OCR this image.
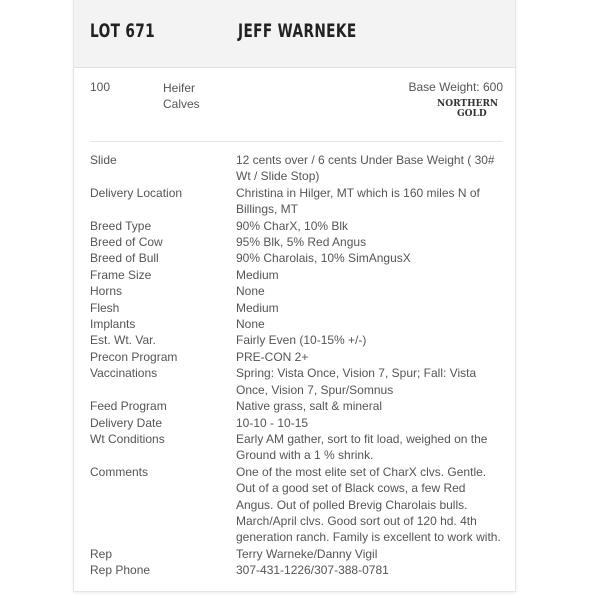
LOT 671	JEFF WARNEKE
100	Heifer
Calves
Base Weight: 600
NORTHERN
GOLD
Slide	12 cents over / 6 cents Under Base Weight ( 30# Wt / Slide Stop)
Delivery Location	Christina in Hilger, MT which is 160 miles N of Billings, MT
Breed Type	90% CharX, 10% Blk
Breed of Cow	95% Blk, 5% Red Angus
Breed of Bull	90% Charolais, 10% SimAngusX
Frame Size	Medium
Horns	None
Flesh	Medium
Implants	None
Est. Wt. Var.	Fairly Even (10-15% +/-)
Precon Program	PRE-CON 2+
Vaccinations	Spring: Vista Once, Vision 7, Spur; Fall: Vista Once, Vision 7, Spur/Somnus
Feed Program	Native grass, salt & mineral
Delivery Date	10-10 - 10-15
Wt Conditions	Early AM gather, sort to fit load, weighed on the Ground with a 1 % shrink.
Comments	One of the most elite set of CharX clvs. Gentle. Out of a good set of Black cows, a few Red Angus. Out of polled Brevig Charolais bulls. March/April clvs. Good sort out of 120 hd. 4th generation ranch. Family is excellent to work with.
Rep	Terry Warneke/Danny Vigil
Rep Phone	307-431-1226/307-388-0781
